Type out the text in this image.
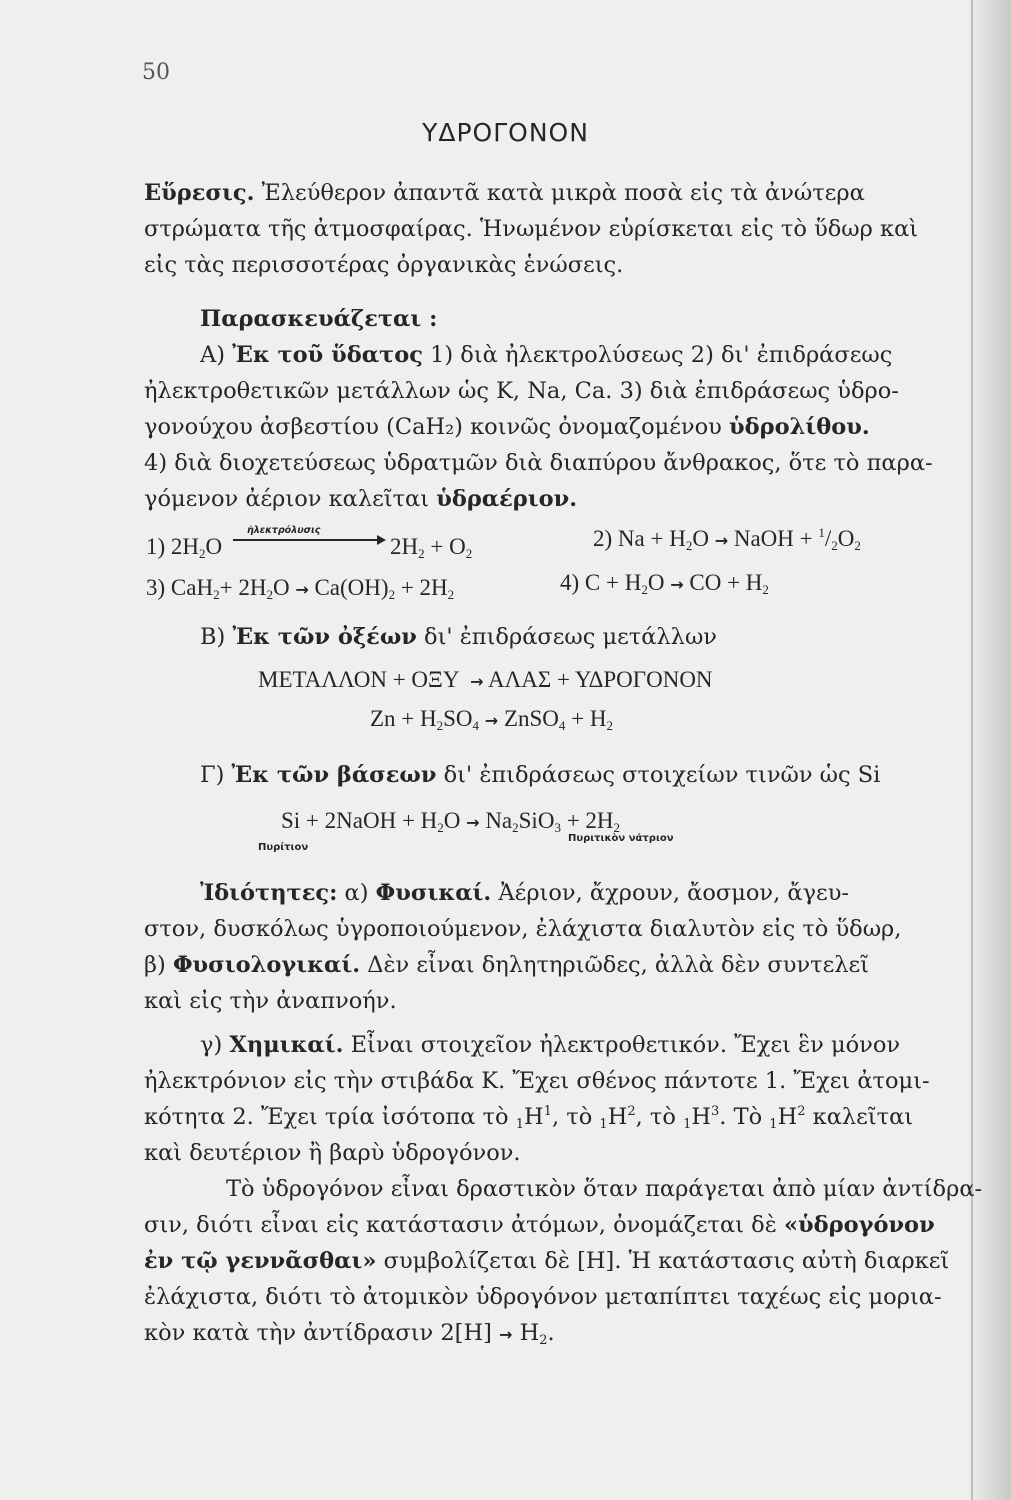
50
ΥΔΡΟΓΟΝΟΝ
Εὕρεσις. Ἐλεύθερον ἀπαντᾶ κατὰ μικρὰ ποσὰ εἰς τὰ ἀνώτερα
στρώματα τῆς ἀτμοσφαίρας. Ἡνωμένον εὑρίσκεται εἰς τὸ ὕδωρ καὶ
εἰς τὰς περισσοτέρας ὀργανικὰς ἑνώσεις.
Παρασκευάζεται :
Α) Ἐκ τοῦ ὕδατος 1) διὰ ἠλεκτρολύσεως 2) δι' ἐπιδράσεως
ἠλεκτροθετικῶν μετάλλων ὡς K, Na, Ca. 3) διὰ ἐπιδράσεως ὑδρο-
γονούχου ἀσβεστίου (CaH₂) κοινῶς ὀνομαζομένου ὑδρολίθου.
4) διὰ διοχετεύσεως ὑδρατμῶν διὰ διαπύρου ἄνθρακος, ὅτε τὸ παρα-
γόμενον ἀέριον καλεῖται ὑδραέριον.
1) $2H_2O$
ἠλεκτρόλυσις
$2H_2 + O_2$
2) $Na + H_2O$ → NaOH + $^1/_2O_2$
3) $CaH_2+ 2H_2O \to Ca(OH)_2 + 2H_2$	4) $C + H_2O$ → CO + $H_2$
Β) Ἐκ τῶν ὀξέων δι' ἐπιδράσεως μετάλλων
ΜΕΤΑΛΛΟΝ + ΟΞΥ → ΑΛΑΣ + ΥΔΡΟΓΟΝΟΝ
$Zn + H_2SO_4$ → ZnSO$_4$ + $H_2$
Γ) Ἐκ τῶν βάσεων δι' ἐπιδράσεως στοιχείων τινῶν ὡς Si
Si + 2NaOH + $H_2O \to Na_2SiO_3 + 2H_2$
Πυρίτιον
Πυριτικὸν νάτριον
Ἰδιότητες: α) Φυσικαί. Ἀέριον, ἄχρουν, ἄοσμον, ἄγευ-
στον, δυσκόλως ὑγροποιούμενον, ἐλάχιστα διαλυτὸν εἰς τὸ ὕδωρ,
β) Φυσιολογικαί. Δὲν εἶναι δηλητηριῶδες, ἀλλὰ δὲν συντελεῖ
καὶ εἰς τὴν ἀναπνοήν.
γ) Χημικαί. Εἶναι στοιχεῖον ἠλεκτροθετικόν. Ἔχει ἓν μόνον
ἠλεκτρόνιον εἰς τὴν στιβάδα K. Ἔχει σθένος πάντοτε 1. Ἔχει ἀτομι-
κότητα 2. Ἔχει τρία ἰσότοπα τὸ $_1H^1$, τὸ $_1H^2$, τὸ $_1H^3$. Τὸ $_1H^2$ καλεῖται
καὶ δευτέριον ἢ βαρὺ ὑδρογόνον.
Τὸ ὑδρογόνον εἶναι δραστικὸν ὅταν παράγεται ἀπὸ μίαν ἀντίδρα-
σιν, διότι εἶναι εἰς κατάστασιν ἀτόμων, ὀνομάζεται δὲ «ὑδρογόνον
ἐν τῷ γεννᾶσθαι» συμβολίζεται δὲ [H]. Ἡ κατάστασις αὐτὴ διαρκεῖ
ἐλάχιστα, διότι τὸ ἀτομικὸν ὑδρογόνον μεταπίπτει ταχέως εἰς μορια-
κὸν κατὰ τὴν ἀντίδρασιν $2[H] \to H_2$.
